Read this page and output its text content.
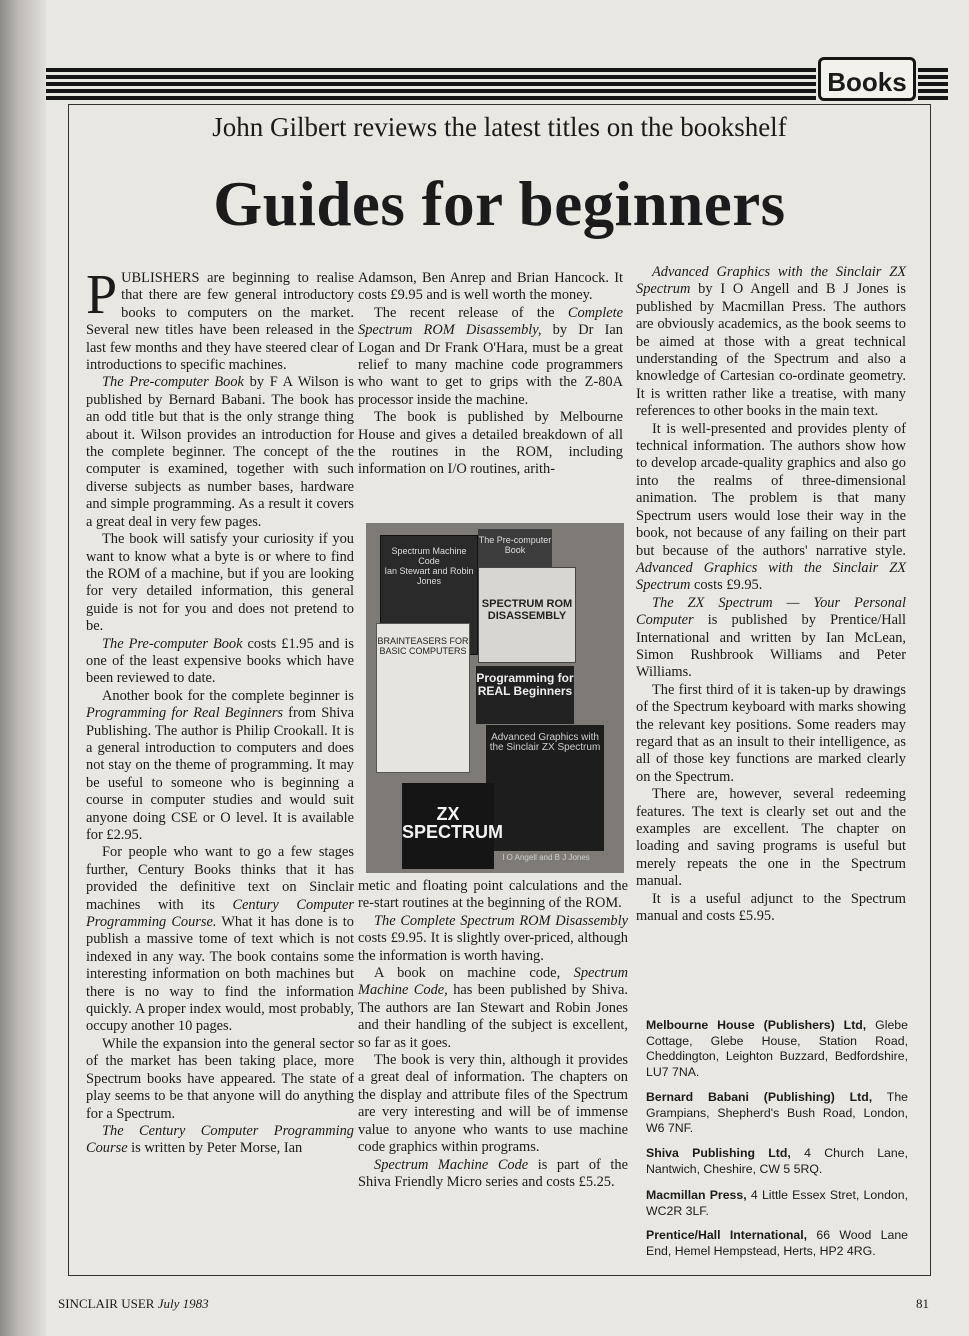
Books
John Gilbert reviews the latest titles on the bookshelf
Guides for beginners

PUBLISHERS are beginning to realise that there are few general introductory books to computers on the market. Several new titles have been released in the last few months and they have steered clear of introductions to specific machines.

The Pre-computer Book by F A Wilson is published by Bernard Babani. The book has an odd title but that is the only strange thing about it. Wilson provides an introduction for the complete beginner. The concept of the computer is examined, together with such diverse subjects as number bases, hardware and simple programming. As a result it covers a great deal in very few pages.

The book will satisfy your curiosity if you want to know what a byte is or where to find the ROM of a machine, but if you are looking for very detailed information, this general guide is not for you and does not pretend to be.

The Pre-computer Book costs £1.95 and is one of the least expensive books which have been reviewed to date.

Another book for the complete beginner is Programming for Real Beginners from Shiva Publishing. The author is Philip Crookall. It is a general introduction to computers and does not stay on the theme of programming. It may be useful to someone who is beginning a course in computer studies and would suit anyone doing CSE or O level. It is available for £2.95.

For people who want to go a few stages further, Century Books thinks that it has provided the definitive text on Sinclair machines with its Century Computer Programming Course. What it has done is to publish a massive tome of text which is not indexed in any way. The book contains some interesting information on both machines but there is no way to find the information quickly. A proper index would, most probably, occupy another 10 pages.

While the expansion into the general sector of the market has been taking place, more Spectrum books have appeared. The state of play seems to be that anyone will do anything for a Spectrum.

The Century Computer Programming Course is written by Peter Morse, Ian

Adamson, Ben Anrep and Brian Hancock. It costs £9.95 and is well worth the money.

The recent release of the Complete Spectrum ROM Disassembly, by Dr Ian Logan and Dr Frank O'Hara, must be a great relief to many machine code programmers who want to get to grips with the Z-80A processor inside the machine.

The book is published by Melbourne House and gives a detailed breakdown of all the routines in the ROM, including information on I/O routines, arith-

Spectrum Machine Code
Ian Stewart and Robin Jones
The Pre-computer Book
SPECTRUM ROM DISASSEMBLY
BRAINTEASERS FOR BASIC COMPUTERS
Programming for REAL Beginners
Advanced Graphics with the Sinclair ZX Spectrum
ZX SPECTRUM
I O Angell and B J Jones

metic and floating point calculations and the re-start routines at the beginning of the ROM.

The Complete Spectrum ROM Disassembly costs £9.95. It is slightly over-priced, although the information is worth having.

A book on machine code, Spectrum Machine Code, has been published by Shiva. The authors are Ian Stewart and Robin Jones and their handling of the subject is excellent, so far as it goes.

The book is very thin, although it provides a great deal of information. The chapters on the display and attribute files of the Spectrum are very interesting and will be of immense value to anyone who wants to use machine code graphics within programs.

Spectrum Machine Code is part of the Shiva Friendly Micro series and costs £5.25.

Advanced Graphics with the Sinclair ZX Spectrum by I O Angell and B J Jones is published by Macmillan Press. The authors are obviously academics, as the book seems to be aimed at those with a great technical understanding of the Spectrum and also a knowledge of Cartesian co-ordinate geometry. It is written rather like a treatise, with many references to other books in the main text.

It is well-presented and provides plenty of technical information. The authors show how to develop arcade-quality graphics and also go into the realms of three-dimensional animation. The problem is that many Spectrum users would lose their way in the book, not because of any failing on their part but because of the authors' narrative style. Advanced Graphics with the Sinclair ZX Spectrum costs £9.95.

The ZX Spectrum — Your Personal Computer is published by Prentice/Hall International and written by Ian McLean, Simon Rushbrook Williams and Peter Williams.

The first third of it is taken-up by drawings of the Spectrum keyboard with marks showing the relevant key positions. Some readers may regard that as an insult to their intelligence, as all of those key functions are marked clearly on the Spectrum.

There are, however, several redeeming features. The text is clearly set out and the examples are excellent. The chapter on loading and saving programs is useful but merely repeats the one in the Spectrum manual.

It is a useful adjunct to the Spectrum manual and costs £5.95.

Melbourne House (Publishers) Ltd, Glebe Cottage, Glebe House, Station Road, Cheddington, Leighton Buzzard, Bedfordshire, LU7 7NA.
Bernard Babani (Publishing) Ltd, The Grampians, Shepherd's Bush Road, London, W6 7NF.
Shiva Publishing Ltd, 4 Church Lane, Nantwich, Cheshire, CW 5 5RQ.
Macmillan Press, 4 Little Essex Stret, London, WC2R 3LF.
Prentice/Hall International, 66 Wood Lane End, Hemel Hempstead, Herts, HP2 4RG.
SINCLAIR USER July 1983	81
